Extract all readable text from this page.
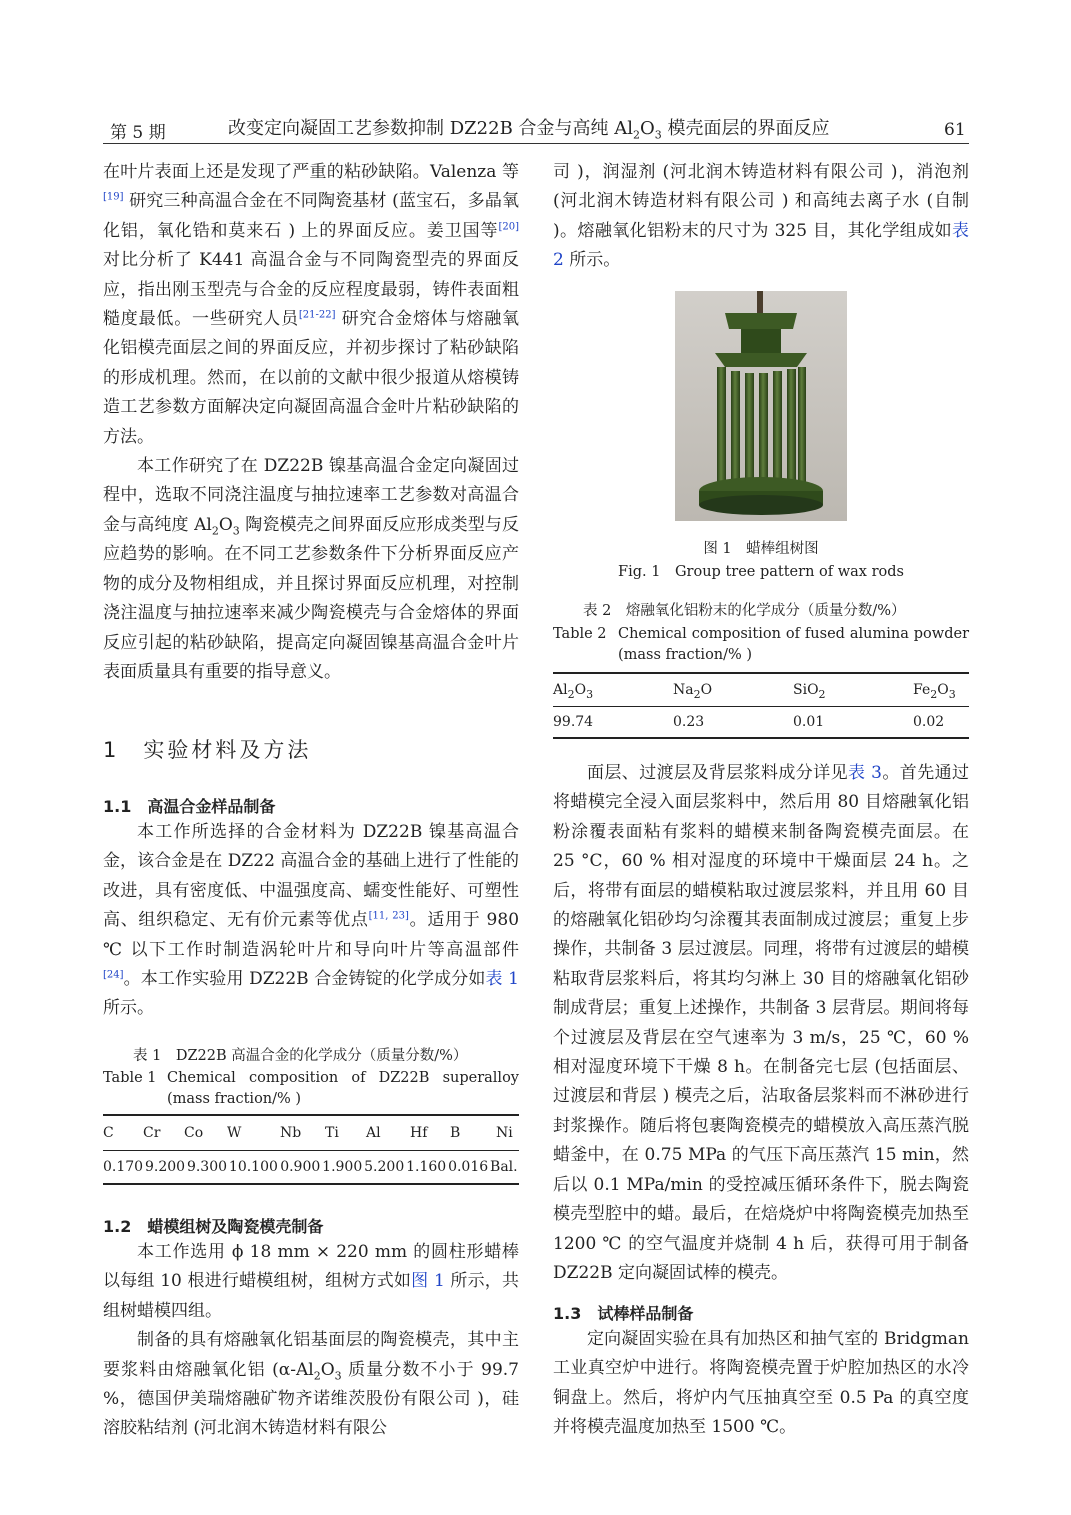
第 5 期	改变定向凝固工艺参数抑制 DZ22B 合金与高纯 $Al_2O_3$ 模壳面层的界面反应	61

在叶片表面上还是发现了严重的粘砂缺陷。Valenza 等[19] 研究三种高温合金在不同陶瓷基材 (蓝宝石，多晶氧化铝，氧化锆和莫来石 ) 上的界面反应。姜卫国等[20] 对比分析了 K441 高温合金与不同陶瓷型壳的界面反应，指出刚玉型壳与合金的反应程度最弱，铸件表面粗糙度最低。一些研究人员[21-22] 研究合金熔体与熔融氧化铝模壳面层之间的界面反应，并初步探讨了粘砂缺陷的形成机理。然而，在以前的文献中很少报道从熔模铸造工艺参数方面解决定向凝固高温合金叶片粘砂缺陷的方法。

本工作研究了在 DZ22B 镍基高温合金定向凝固过程中，选取不同浇注温度与抽拉速率工艺参数对高温合金与高纯度 $Al_2O_3$ 陶瓷模壳之间界面反应形成类型与反应趋势的影响。在不同工艺参数条件下分析界面反应产物的成分及物相组成，并且探讨界面反应机理，对控制浇注温度与抽拉速率来减少陶瓷模壳与合金熔体的界面反应引起的粘砂缺陷，提高定向凝固镍基高温合金叶片表面质量具有重要的指导意义。

1　实验材料及方法
1.1　高温合金样品制备

本工作所选择的合金材料为 DZ22B 镍基高温合金，该合金是在 DZ22 高温合金的基础上进行了性能的改进，具有密度低、中温强度高、蠕变性能好、可塑性高、组织稳定、无有价元素等优点[11, 23]。适用于 980 ℃ 以下工作时制造涡轮叶片和导向叶片等高温部件[24]。本工作实验用 DZ22B 合金铸锭的化学成分如表 1 所示。

表 1　DZ22B 高温合金的化学成分（质量分数/%）
Table 1 Chemical composition of DZ22B superalloy (mass fraction/% )
C	Cr	Co	W	Nb	Ti	Al	Hf	B	Ni
0.170	9.200	9.300	10.100	0.900	1.900	5.200	1.160	0.016	Bal.
1.2　蜡模组树及陶瓷模壳制备

本工作选用 ϕ 18 mm × 220 mm 的圆柱形蜡棒以每组 10 根进行蜡模组树，组树方式如图 1 所示，共组树蜡模四组。

制备的具有熔融氧化铝基面层的陶瓷模壳，其中主要浆料由熔融氧化铝 ($\alpha-Al_2O_3$ 质量分数不小于 99.7 %，德国伊美瑞熔融矿物齐诺维茨股份有限公司 )，硅溶胶粘结剂 (河北润木铸造材料有限公

司 )，润湿剂 (河北润木铸造材料有限公司 )，消泡剂 (河北润木铸造材料有限公司 ) 和高纯去离子水 (自制 )。熔融氧化铝粉末的尺寸为 325 目，其化学组成如表 2 所示。

图 1　蜡棒组树图
Fig. 1　Group tree pattern of wax rods
表 2　熔融氧化铝粉末的化学成分（质量分数/%）
Table 2 Chemical composition of fused alumina powder
(mass fraction/% )
$Al_2O_3$	$Na_2O$	SiO$_2$	$Fe_2O_3$
99.74	0.23	0.01	0.02

面层、过渡层及背层浆料成分详见表 3。首先通过将蜡模完全浸入面层浆料中，然后用 80 目熔融氧化铝粉涂覆表面粘有浆料的蜡模来制备陶瓷模壳面层。在 25 °C，60 % 相对湿度的环境中干燥面层 24 h。之后，将带有面层的蜡模粘取过渡层浆料，并且用 60 目的熔融氧化铝砂均匀涂覆其表面制成过渡层；重复上步操作，共制备 3 层过渡层。同理，将带有过渡层的蜡模粘取背层浆料后，将其均匀淋上 30 目的熔融氧化铝砂制成背层；重复上述操作，共制备 3 层背层。期间将每个过渡层及背层在空气速率为 3 m/s，25 ℃，60 % 相对湿度环境下干燥 8 h。在制备完七层 (包括面层、过渡层和背层 ) 模壳之后，沾取备层浆料而不淋砂进行封浆操作。随后将包裹陶瓷模壳的蜡模放入高压蒸汽脱蜡釜中，在 0.75 MPa 的气压下高压蒸汽 15 min，然后以 0.1 MPa/min 的受控减压循环条件下，脱去陶瓷模壳型腔中的蜡。最后，在焙烧炉中将陶瓷模壳加热至 1200 ℃ 的空气温度并烧制 4 h 后，获得可用于制备 DZ22B 定向凝固试棒的模壳。

1.3　试棒样品制备

定向凝固实验在具有加热区和抽气室的 Bridgman 工业真空炉中进行。将陶瓷模壳置于炉腔加热区的水冷铜盘上。然后，将炉内气压抽真空至 0.5 Pa 的真空度并将模壳温度加热至 1500 ℃。
